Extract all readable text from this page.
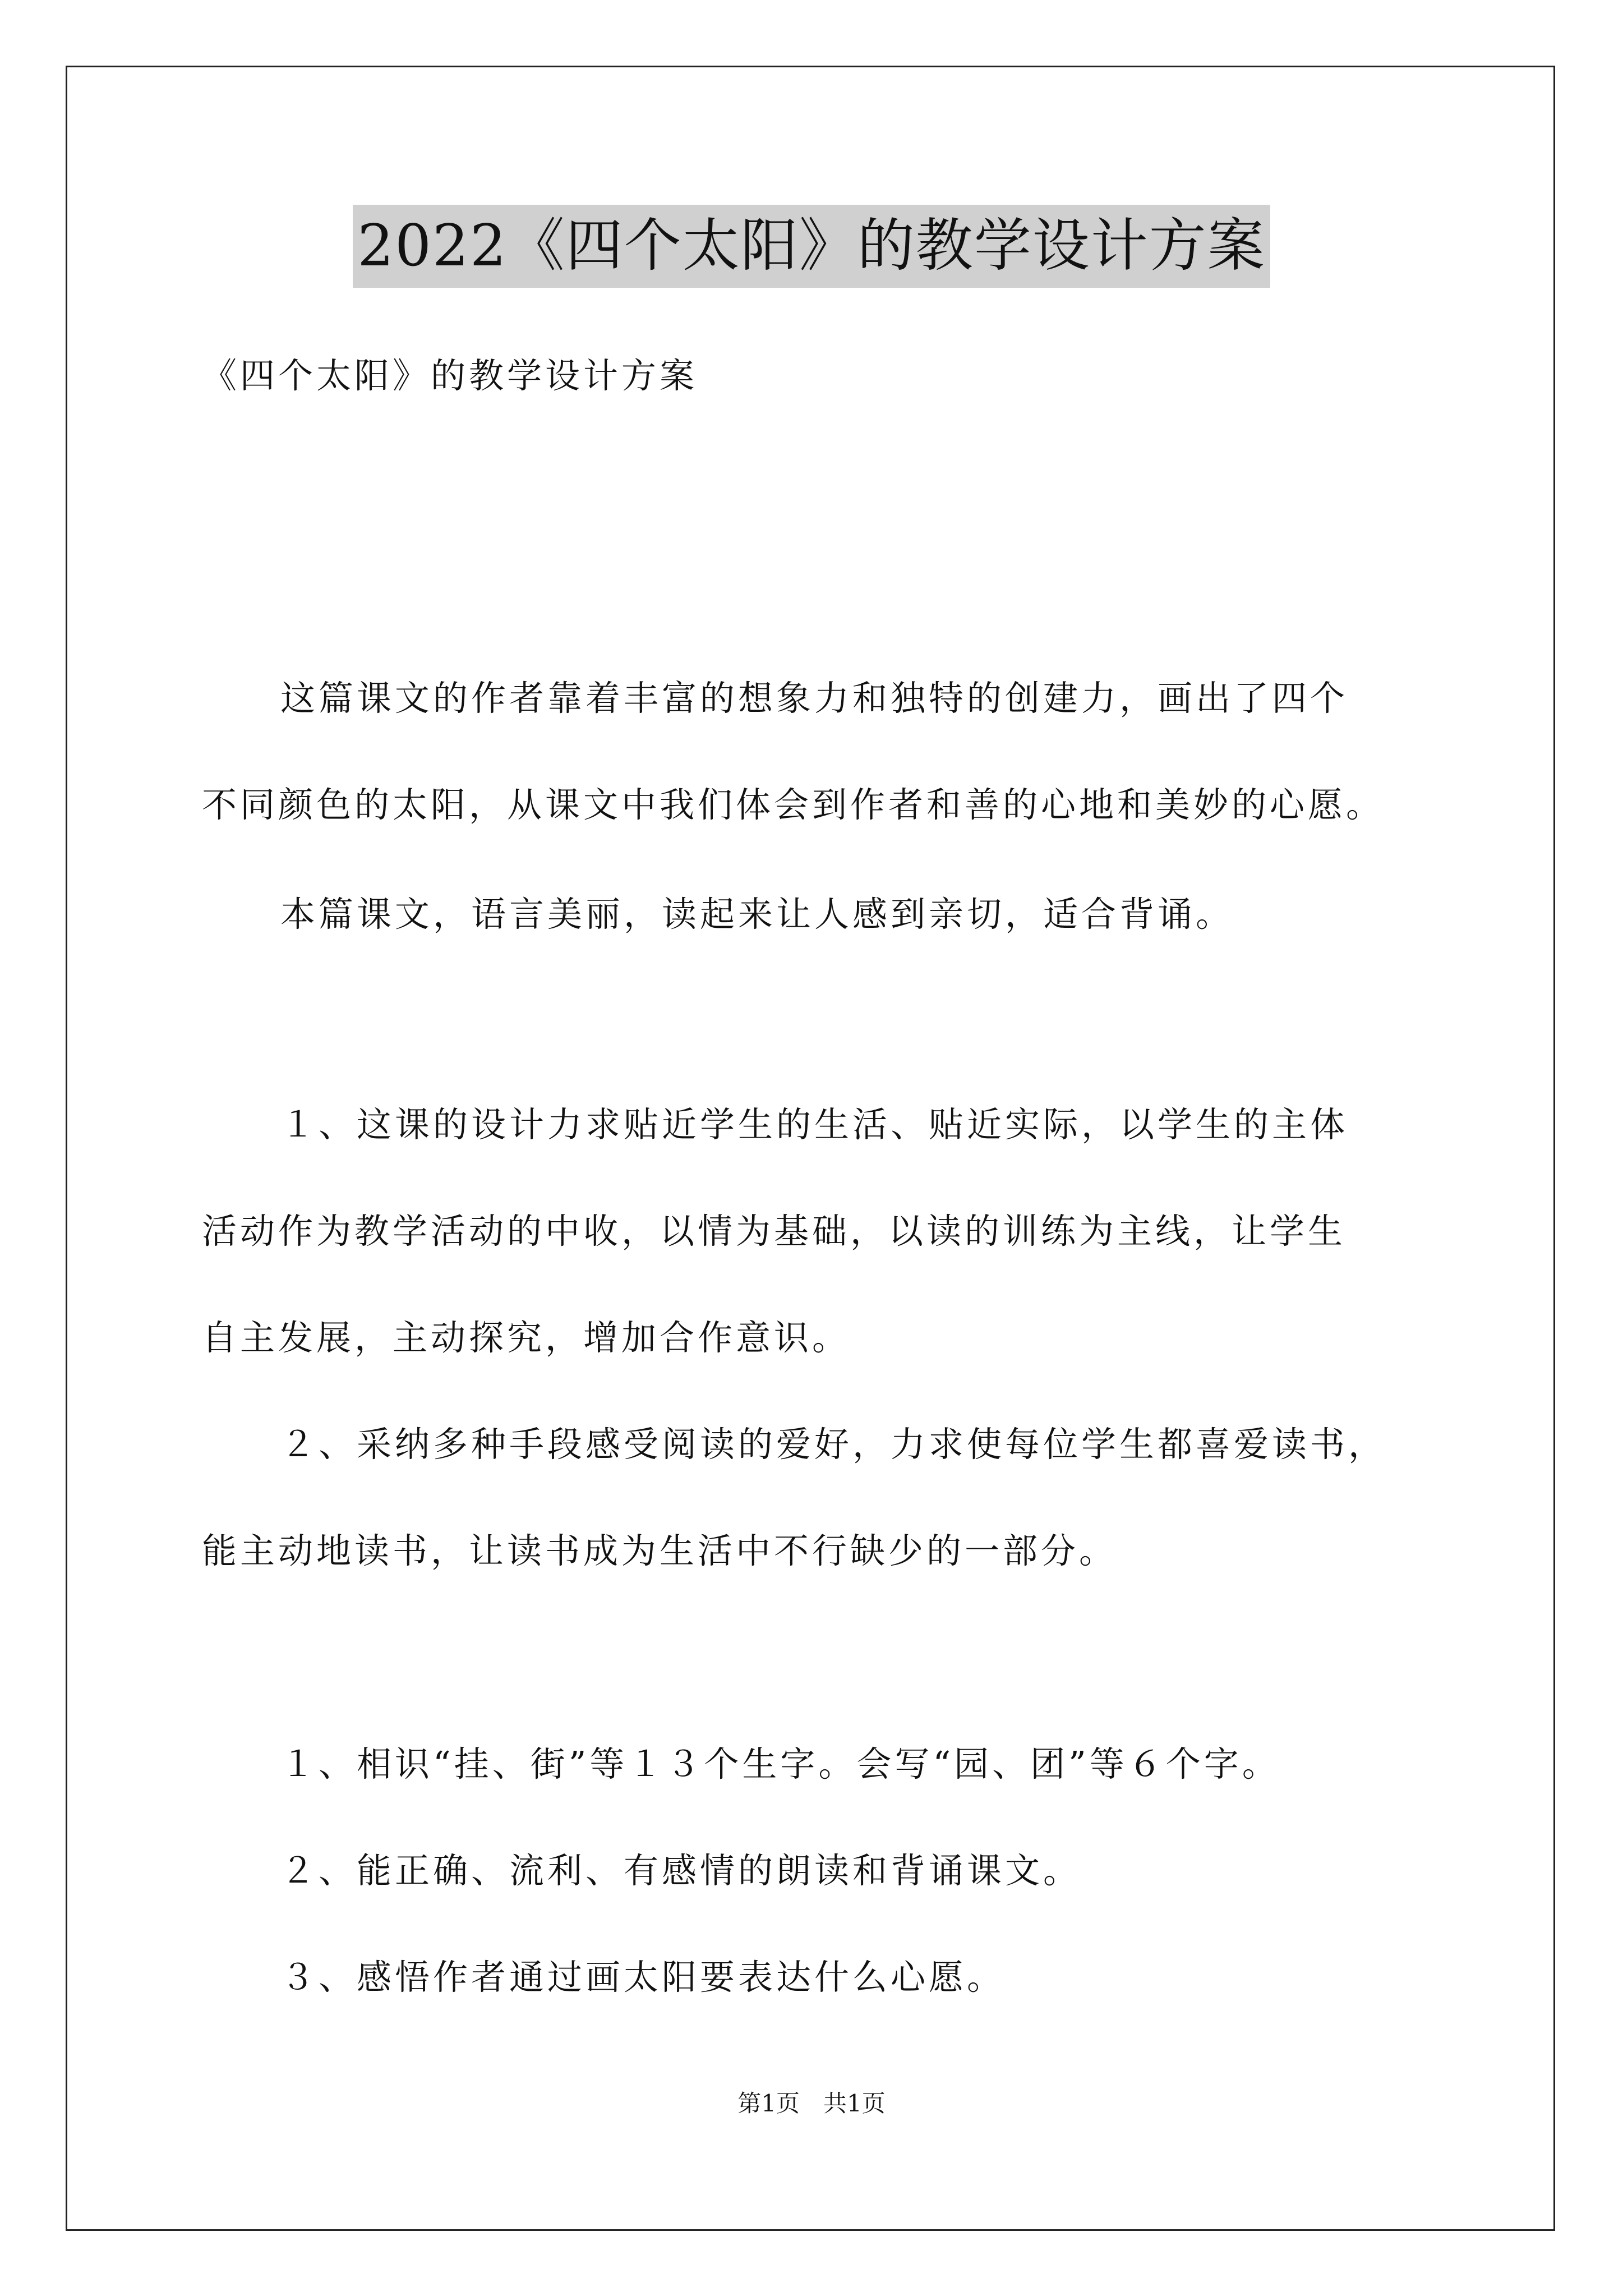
2022《四个太阳》的教学设计方案
《四个太阳》的教学设计方案
这篇课文的作者靠着丰富的想象力和独特的创建力，画出了四个
不同颜色的太阳，从课文中我们体会到作者和善的心地和美妙的心愿。
本篇课文，语言美丽，读起来让人感到亲切，适合背诵。
１、这课的设计力求贴近学生的生活、贴近实际，以学生的主体
活动作为教学活动的中收，以情为基础，以读的训练为主线，让学生
自主发展，主动探究，增加合作意识。
２、采纳多种手段感受阅读的爱好，力求使每位学生都喜爱读书，
能主动地读书，让读书成为生活中不行缺少的一部分。
１、相识“挂、街”等１３个生字。会写“园、团”等６个字。
２、能正确、流利、有感情的朗读和背诵课文。
３、感悟作者通过画太阳要表达什么心愿。
第1页　共1页
